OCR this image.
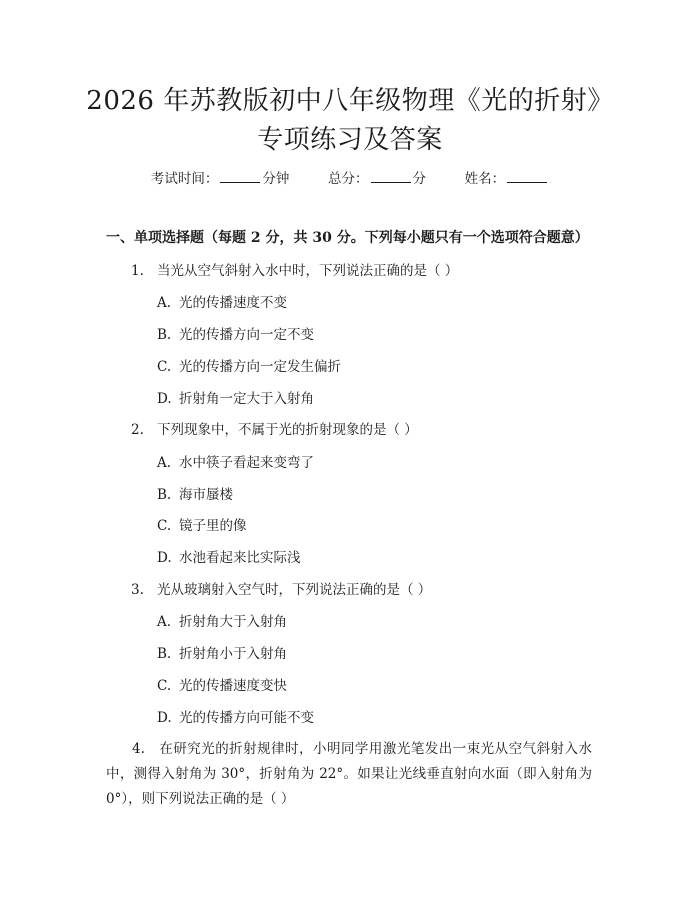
2026 年苏教版初中八年级物理《光的折射》
专项练习及答案
考试时间：	分钟	总分：	分	姓名：
一、单项选择题（每题 2 分，共 30 分。下列每小题只有一个选项符合题意）
1. 当光从空气斜射入水中时，下列说法正确的是（ ）
A. 光的传播速度不变
B. 光的传播方向一定不变
C. 光的传播方向一定发生偏折
D. 折射角一定大于入射角
2. 下列现象中，不属于光的折射现象的是（ ）
A. 水中筷子看起来变弯了
B. 海市蜃楼
C. 镜子里的像
D. 水池看起来比实际浅
3. 光从玻璃射入空气时，下列说法正确的是（ ）
A. 折射角大于入射角
B. 折射角小于入射角
C. 光的传播速度变快
D. 光的传播方向可能不变
4.　在研究光的折射规律时，小明同学用激光笔发出一束光从空气斜射入水中，测得入射角为 30°，折射角为 22°。如果让光线垂直射向水面（即入射角为 0°），则下列说法正确的是（ ）
